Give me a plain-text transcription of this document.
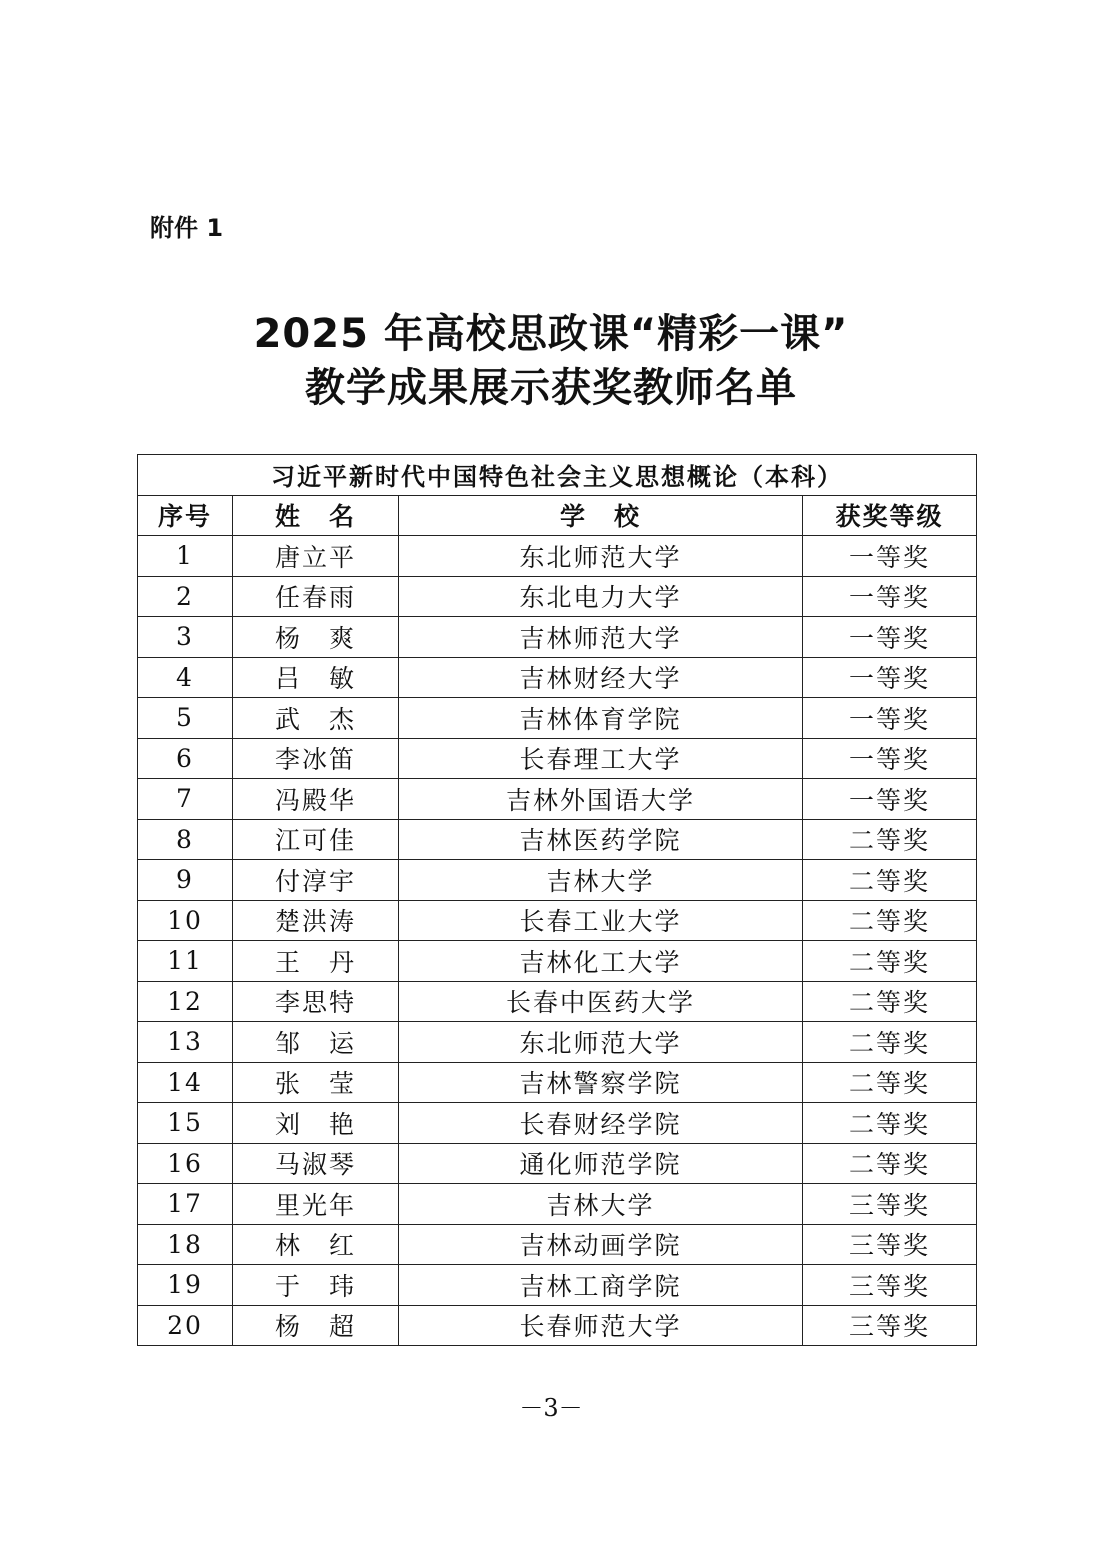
附件 1
2025 年高校思政课“精彩一课”
教学成果展示获奖教师名单
习近平新时代中国特色社会主义思想概论（本科）			
序号	姓　名	学　校	获奖等级
1	唐立平	东北师范大学	一等奖
2	任春雨	东北电力大学	一等奖
3	杨　爽	吉林师范大学	一等奖
4	吕　敏	吉林财经大学	一等奖
5	武　杰	吉林体育学院	一等奖
6	李冰笛	长春理工大学	一等奖
7	冯殿华	吉林外国语大学	一等奖
8	江可佳	吉林医药学院	二等奖
9	付淳宇	吉林大学	二等奖
10	楚洪涛	长春工业大学	二等奖
11	王　丹	吉林化工大学	二等奖
12	李思特	长春中医药大学	二等奖
13	邹　运	东北师范大学	二等奖
14	张　莹	吉林警察学院	二等奖
15	刘　艳	长春财经学院	二等奖
16	马淑琴	通化师范学院	二等奖
17	里光年	吉林大学	三等奖
18	林　红	吉林动画学院	三等奖
19	于　玮	吉林工商学院	三等奖
20	杨　超	长春师范大学	三等奖
－3－
